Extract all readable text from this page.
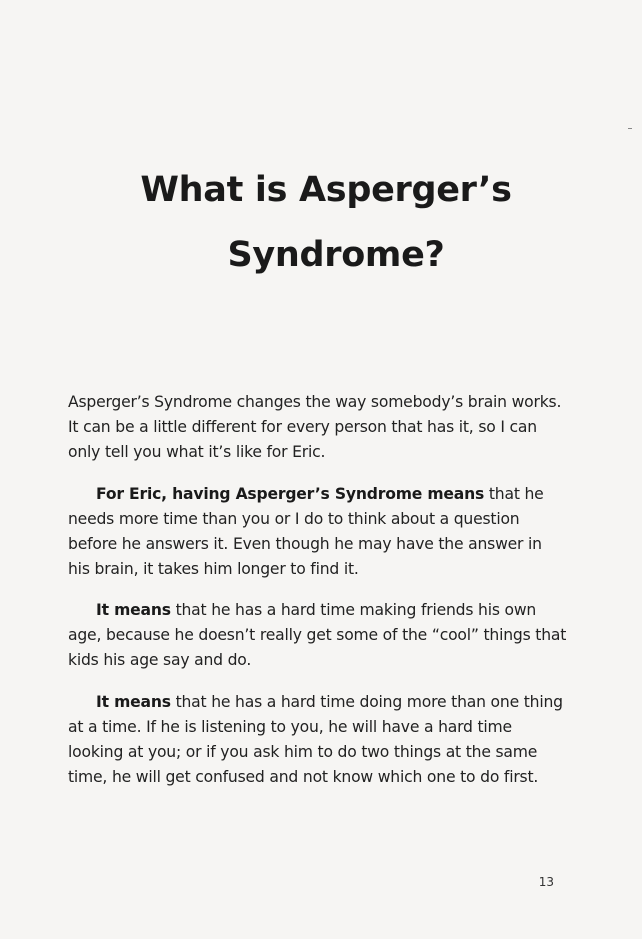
What is Asperger’s
Syndrome?

Asperger’s Syndrome changes the way somebody’s brain works. It can be a little different for every person that has it, so I can only tell you what it’s like for Eric.

For Eric, having Asperger’s Syndrome means that he needs more time than you or I do to think about a question before he answers it. Even though he may have the answer in his brain, it takes him longer to find it.

It means that he has a hard time making friends his own age, because he doesn’t really get some of the “cool” things that kids his age say and do.

It means that he has a hard time doing more than one thing at a time. If he is listening to you, he will have a hard time looking at you; or if you ask him to do two things at the same time, he will get confused and not know which one to do first.

13
